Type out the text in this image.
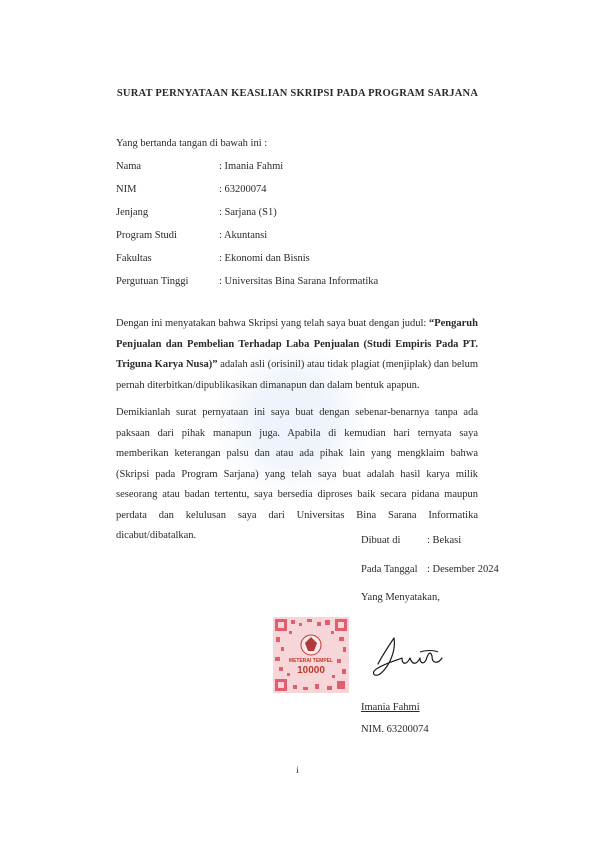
SURAT PERNYATAAN KEASLIAN SKRIPSI PADA PROGRAM SARJANA
Yang bertanda tangan di bawah ini :
Nama	: Imania Fahmi
NIM	: 63200074
Jenjang	: Sarjana (S1)
Program Studi	: Akuntansi
Fakultas	: Ekonomi dan Bisnis
Pergutuan Tinggi	: Universitas Bina Sarana Informatika
Dengan ini menyatakan bahwa Skripsi yang telah saya buat dengan judul: “Pengaruh Penjualan dan Pembelian Terhadap Laba Penjualan (Studi Empiris Pada PT. Triguna Karya Nusa)” adalah asli (orisinil) atau tidak plagiat (menjiplak) dan belum pernah diterbitkan/dipublikasikan dimanapun dan dalam bentuk apapun.
Demikianlah surat pernyataan ini saya buat dengan sebenar-benarnya tanpa ada paksaan dari pihak manapun juga. Apabila di kemudian hari ternyata saya memberikan keterangan palsu dan atau ada pihak lain yang mengklaim bahwa (Skripsi pada Program Sarjana) yang telah saya buat adalah hasil karya milik seseorang atau badan tertentu, saya bersedia diproses baik secara pidana maupun perdata dan kelulusan saya dari Universitas Bina Sarana Informatika dicabut/dibatalkan.	Dibuat di	: Bekasi
Pada Tanggal : Desember 2024
Yang Menyatakan,
METERAI TEMPEL
10000
Imania Fahmi
NIM. 63200074
i
